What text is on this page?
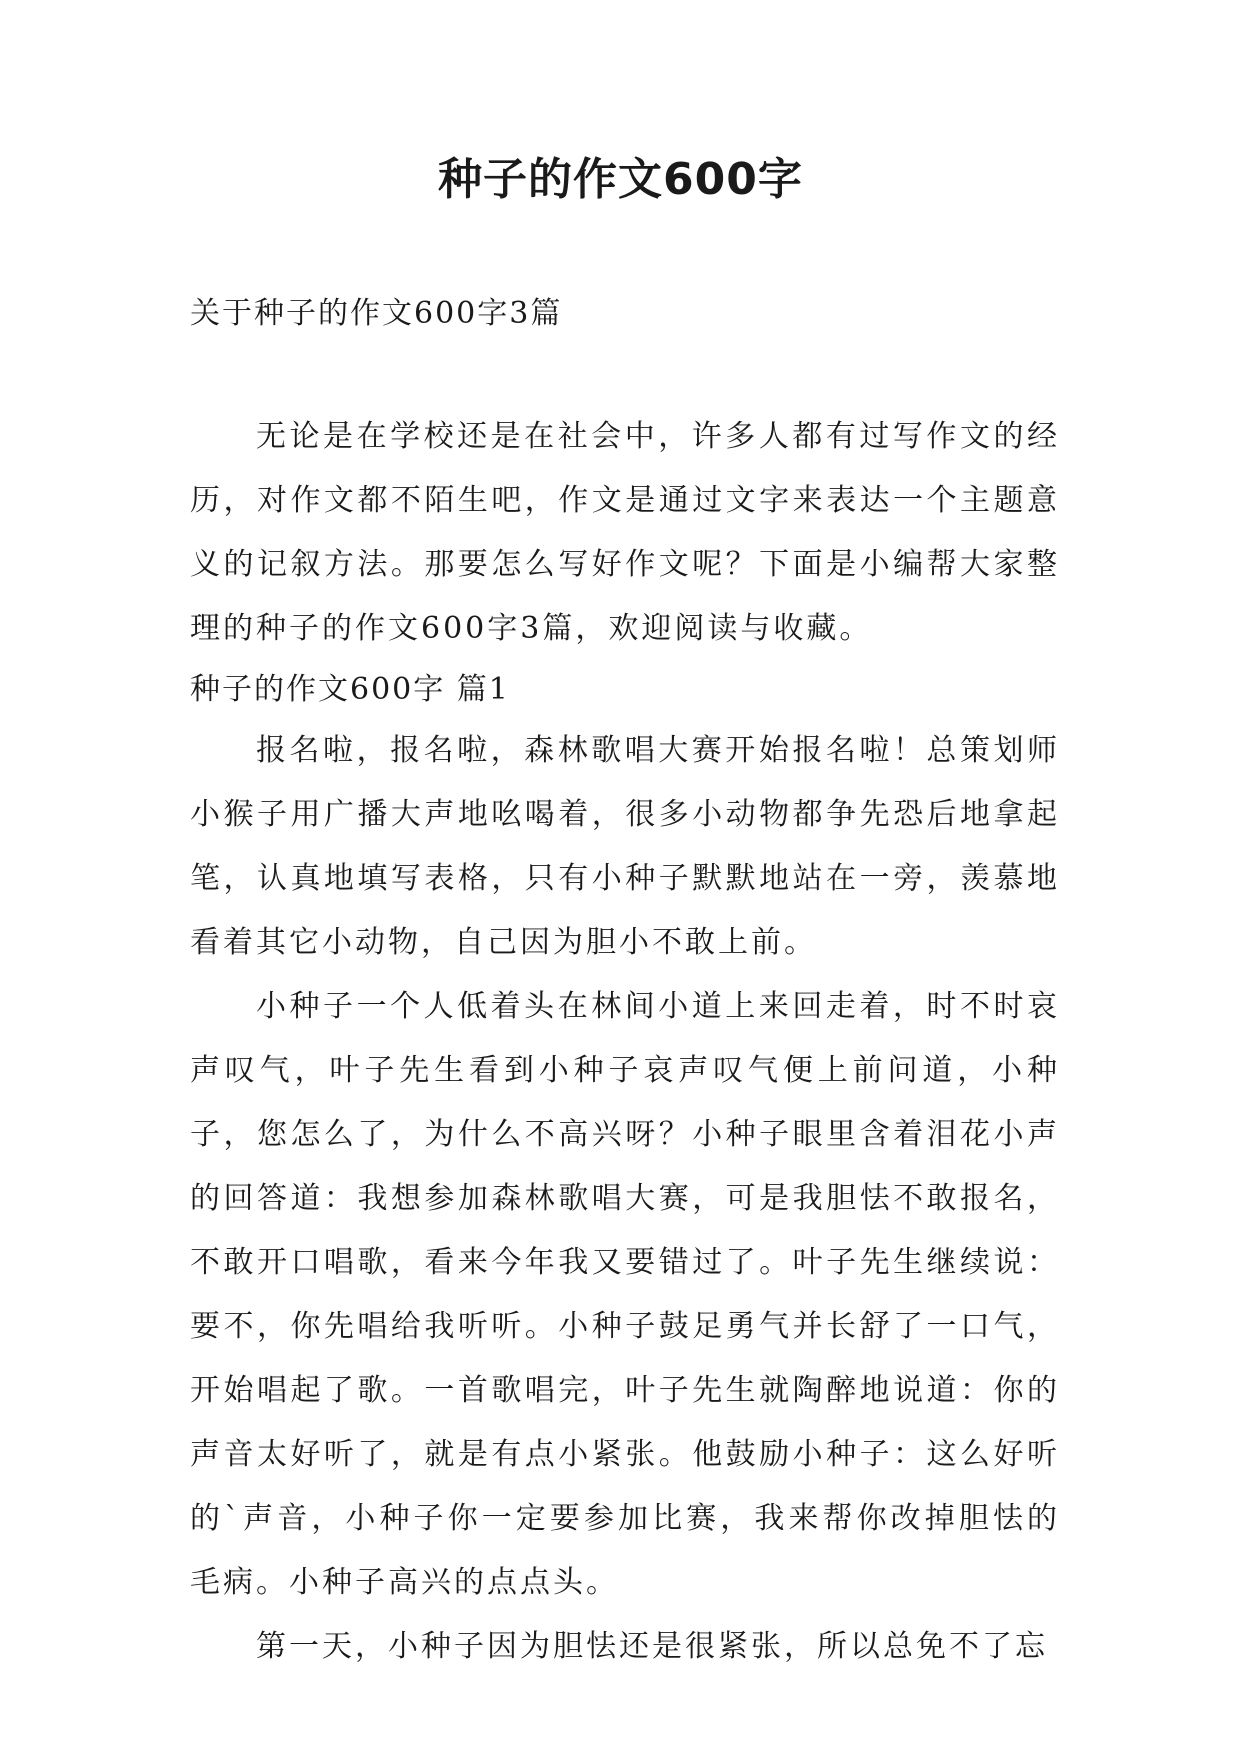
种子的作文600字
关于种子的作文600字3篇

无论是在学校还是在社会中，许多人都有过写作文的经历，对作文都不陌生吧，作文是通过文字来表达一个主题意义的记叙方法。那要怎么写好作文呢？下面是小编帮大家整理的种子的作文600字3篇，欢迎阅读与收藏。

种子的作文600字 篇1

报名啦，报名啦，森林歌唱大赛开始报名啦！总策划师小猴子用广播大声地吆喝着，很多小动物都争先恐后地拿起笔，认真地填写表格，只有小种子默默地站在一旁，羡慕地看着其它小动物，自己因为胆小不敢上前。

小种子一个人低着头在林间小道上来回走着，时不时哀声叹气，叶子先生看到小种子哀声叹气便上前问道，小种子，您怎么了，为什么不高兴呀？小种子眼里含着泪花小声的回答道：我想参加森林歌唱大赛，可是我胆怯不敢报名，不敢开口唱歌，看来今年我又要错过了。叶子先生继续说：要不，你先唱给我听听。小种子鼓足勇气并长舒了一口气，开始唱起了歌。一首歌唱完，叶子先生就陶醉地说道：你的声音太好听了，就是有点小紧张。他鼓励小种子：这么好听的`声音，小种子你一定要参加比赛，我来帮你改掉胆怯的毛病。小种子高兴的点点头。

第一天，小种子因为胆怯还是很紧张，所以总免不了忘
